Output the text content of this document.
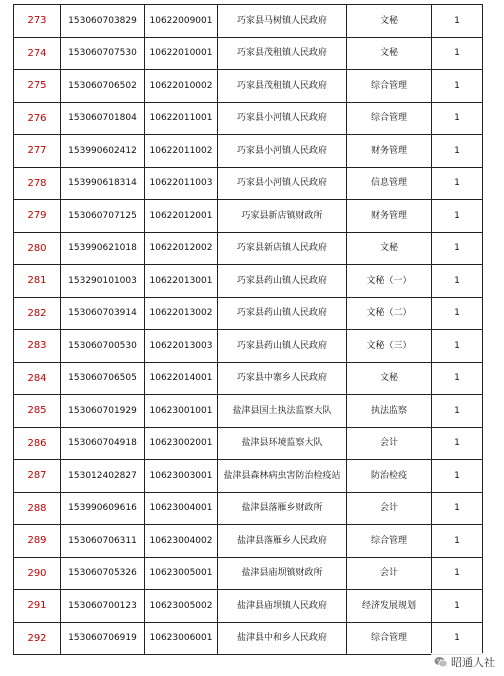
273	153060703829	10622009001	巧家县马树镇人民政府	文秘	1
274	153060707530	10622010001	巧家县茂租镇人民政府	文秘	1
275	153060706502	10622010002	巧家县茂租镇人民政府	综合管理	1
276	153060701804	10622011001	巧家县小河镇人民政府	综合管理	1
277	153990602412	10622011002	巧家县小河镇人民政府	财务管理	1
278	153990618314	10622011003	巧家县小河镇人民政府	信息管理	1
279	153060707125	10622012001	巧家县新店镇财政所	财务管理	1
280	153990621018	10622012002	巧家县新店镇人民政府	文秘	1
281	153290101003	10622013001	巧家县药山镇人民政府	文秘（一）	1
282	153060703914	10622013002	巧家县药山镇人民政府	文秘（二）	1
283	153060700530	10622013003	巧家县药山镇人民政府	文秘（三）	1
284	153060706505	10622014001	巧家县中寨乡人民政府	文秘	1
285	153060701929	10623001001	盐津县国土执法监察大队	执法监察	1
286	153060704918	10623002001	盐津县环境监察大队	会计	1
287	153012402827	10623003001	盐津县森林病虫害防治检疫站	防治检疫	1
288	153990609616	10623004001	盐津县落雁乡财政所	会计	1
289	153060706311	10623004002	盐津县落雁乡人民政府	综合管理	1
290	153060705326	10623005001	盐津县庙坝镇财政所	会计	1
291	153060700123	10623005002	盐津县庙坝镇人民政府	经济发展规划	1
292	153060706919	10623006001	盐津县中和乡人民政府	综合管理	1
昭通人社
